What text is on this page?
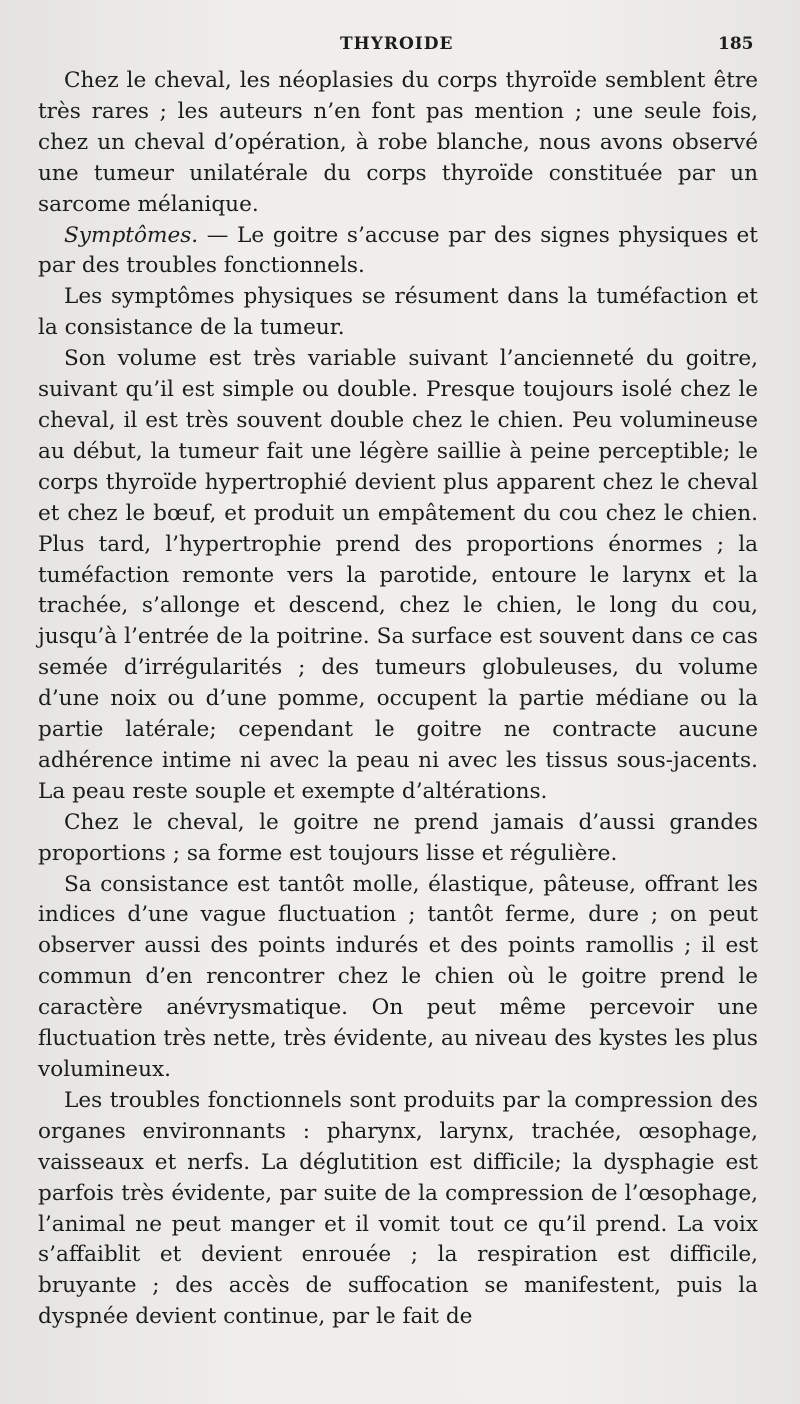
THYROIDE	185

Chez le cheval, les néoplasies du corps thyroïde semblent être très rares ; les auteurs n’en font pas mention ; une seule fois, chez un cheval d’opération, à robe blanche, nous avons observé une tumeur unilatérale du corps thyroïde constituée par un sarcome mélanique.

Symptômes. — Le goitre s’accuse par des signes physiques et par des troubles fonctionnels.

Les symptômes physiques se résument dans la tuméfaction et la consistance de la tumeur.

Son volume est très variable suivant l’ancienneté du goitre, suivant qu’il est simple ou double. Presque toujours isolé chez le cheval, il est très souvent double chez le chien. Peu volumineuse au début, la tumeur fait une légère saillie à peine perceptible; le corps thyroïde hypertrophié devient plus apparent chez le cheval et chez le bœuf, et produit un empâtement du cou chez le chien. Plus tard, l’hypertrophie prend des proportions énormes ; la tuméfaction remonte vers la parotide, entoure le larynx et la trachée, s’allonge et descend, chez le chien, le long du cou, jusqu’à l’entrée de la poitrine. Sa surface est souvent dans ce cas semée d’irrégularités ; des tumeurs globuleuses, du volume d’une noix ou d’une pomme, occupent la partie médiane ou la partie latérale; cependant le goitre ne contracte aucune adhérence intime ni avec la peau ni avec les tissus sous-jacents. La peau reste souple et exempte d’altérations.

Chez le cheval, le goitre ne prend jamais d’aussi grandes proportions ; sa forme est toujours lisse et régulière.

Sa consistance est tantôt molle, élastique, pâteuse, offrant les indices d’une vague fluctuation ; tantôt ferme, dure ; on peut observer aussi des points indurés et des points ramollis ; il est commun d’en rencontrer chez le chien où le goitre prend le caractère anévrysmatique. On peut même percevoir une fluctuation très nette, très évidente, au niveau des kystes les plus volumineux.

Les troubles fonctionnels sont produits par la compression des organes environnants : pharynx, larynx, trachée, œsophage, vaisseaux et nerfs. La déglutition est difficile; la dysphagie est parfois très évidente, par suite de la compression de l’œsophage, l’animal ne peut manger et il vomit tout ce qu’il prend. La voix s’affaiblit et devient enrouée ; la respiration est difficile, bruyante ; des accès de suffocation se manifestent, puis la dyspnée devient continue, par le fait de
